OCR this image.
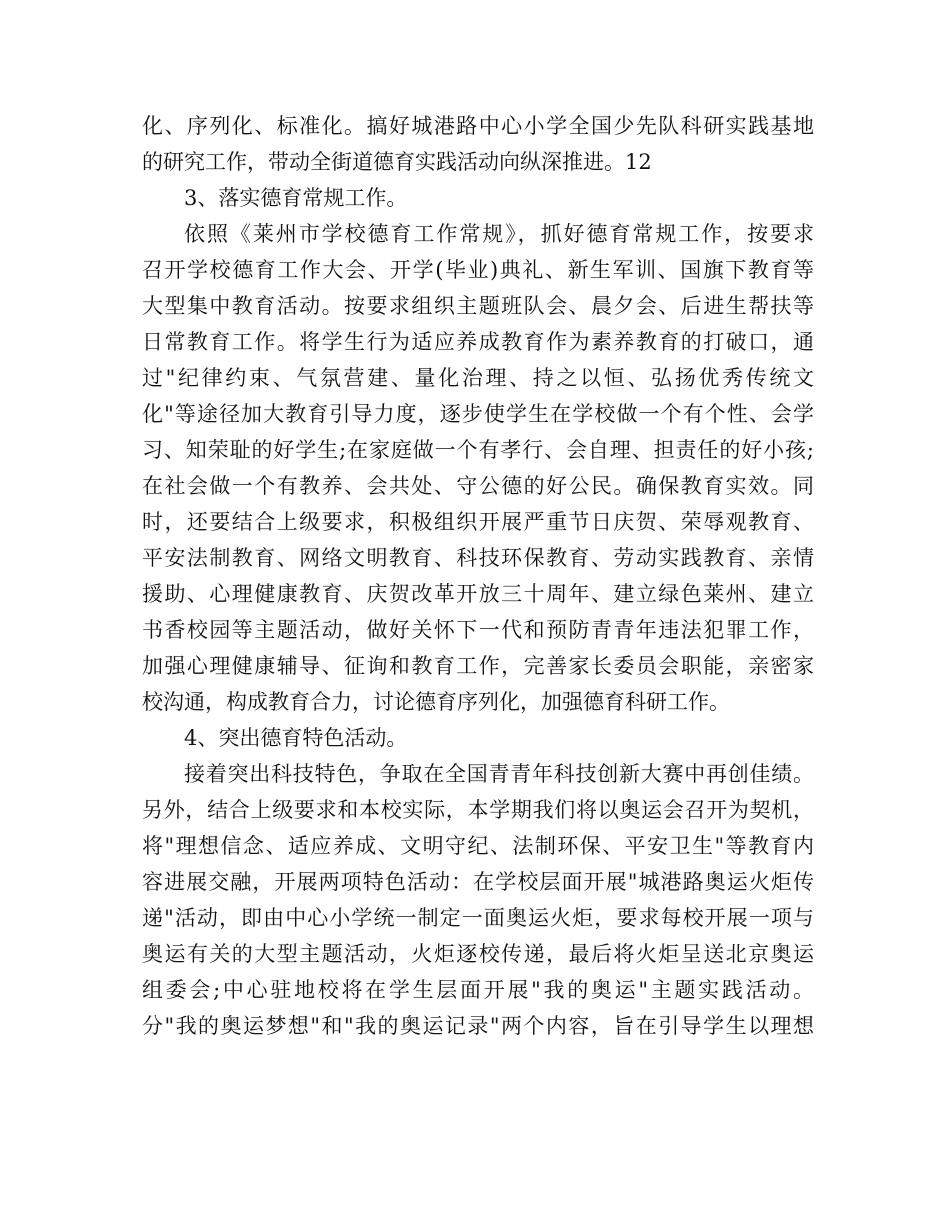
化、序列化、标准化。搞好城港路中心小学全国少先队科研实践基地
的研究工作，带动全街道德育实践活动向纵深推进。12
3、落实德育常规工作。
依照《莱州市学校德育工作常规》，抓好德育常规工作，按要求
召开学校德育工作大会、开学(毕业)典礼、新生军训、国旗下教育等
大型集中教育活动。按要求组织主题班队会、晨夕会、后进生帮扶等
日常教育工作。将学生行为适应养成教育作为素养教育的打破口，通
过"纪律约束、气氛营建、量化治理、持之以恒、弘扬优秀传统文
化"等途径加大教育引导力度，逐步使学生在学校做一个有个性、会学
习、知荣耻的好学生;在家庭做一个有孝行、会自理、担责任的好小孩;
在社会做一个有教养、会共处、守公德的好公民。确保教育实效。同
时，还要结合上级要求，积极组织开展严重节日庆贺、荣辱观教育、
平安法制教育、网络文明教育、科技环保教育、劳动实践教育、亲情
援助、心理健康教育、庆贺改革开放三十周年、建立绿色莱州、建立
书香校园等主题活动，做好关怀下一代和预防青青年违法犯罪工作，
加强心理健康辅导、征询和教育工作，完善家长委员会职能，亲密家
校沟通，构成教育合力，讨论德育序列化，加强德育科研工作。
4、突出德育特色活动。
接着突出科技特色，争取在全国青青年科技创新大赛中再创佳绩。
另外，结合上级要求和本校实际，本学期我们将以奥运会召开为契机，
将"理想信念、适应养成、文明守纪、法制环保、平安卫生"等教育内
容进展交融，开展两项特色活动：在学校层面开展"城港路奥运火炬传
递"活动，即由中心小学统一制定一面奥运火炬，要求每校开展一项与
奥运有关的大型主题活动，火炬逐校传递，最后将火炬呈送北京奥运
组委会;中心驻地校将在学生层面开展"我的奥运"主题实践活动。
分"我的奥运梦想"和"我的奥运记录"两个内容，旨在引导学生以理想
